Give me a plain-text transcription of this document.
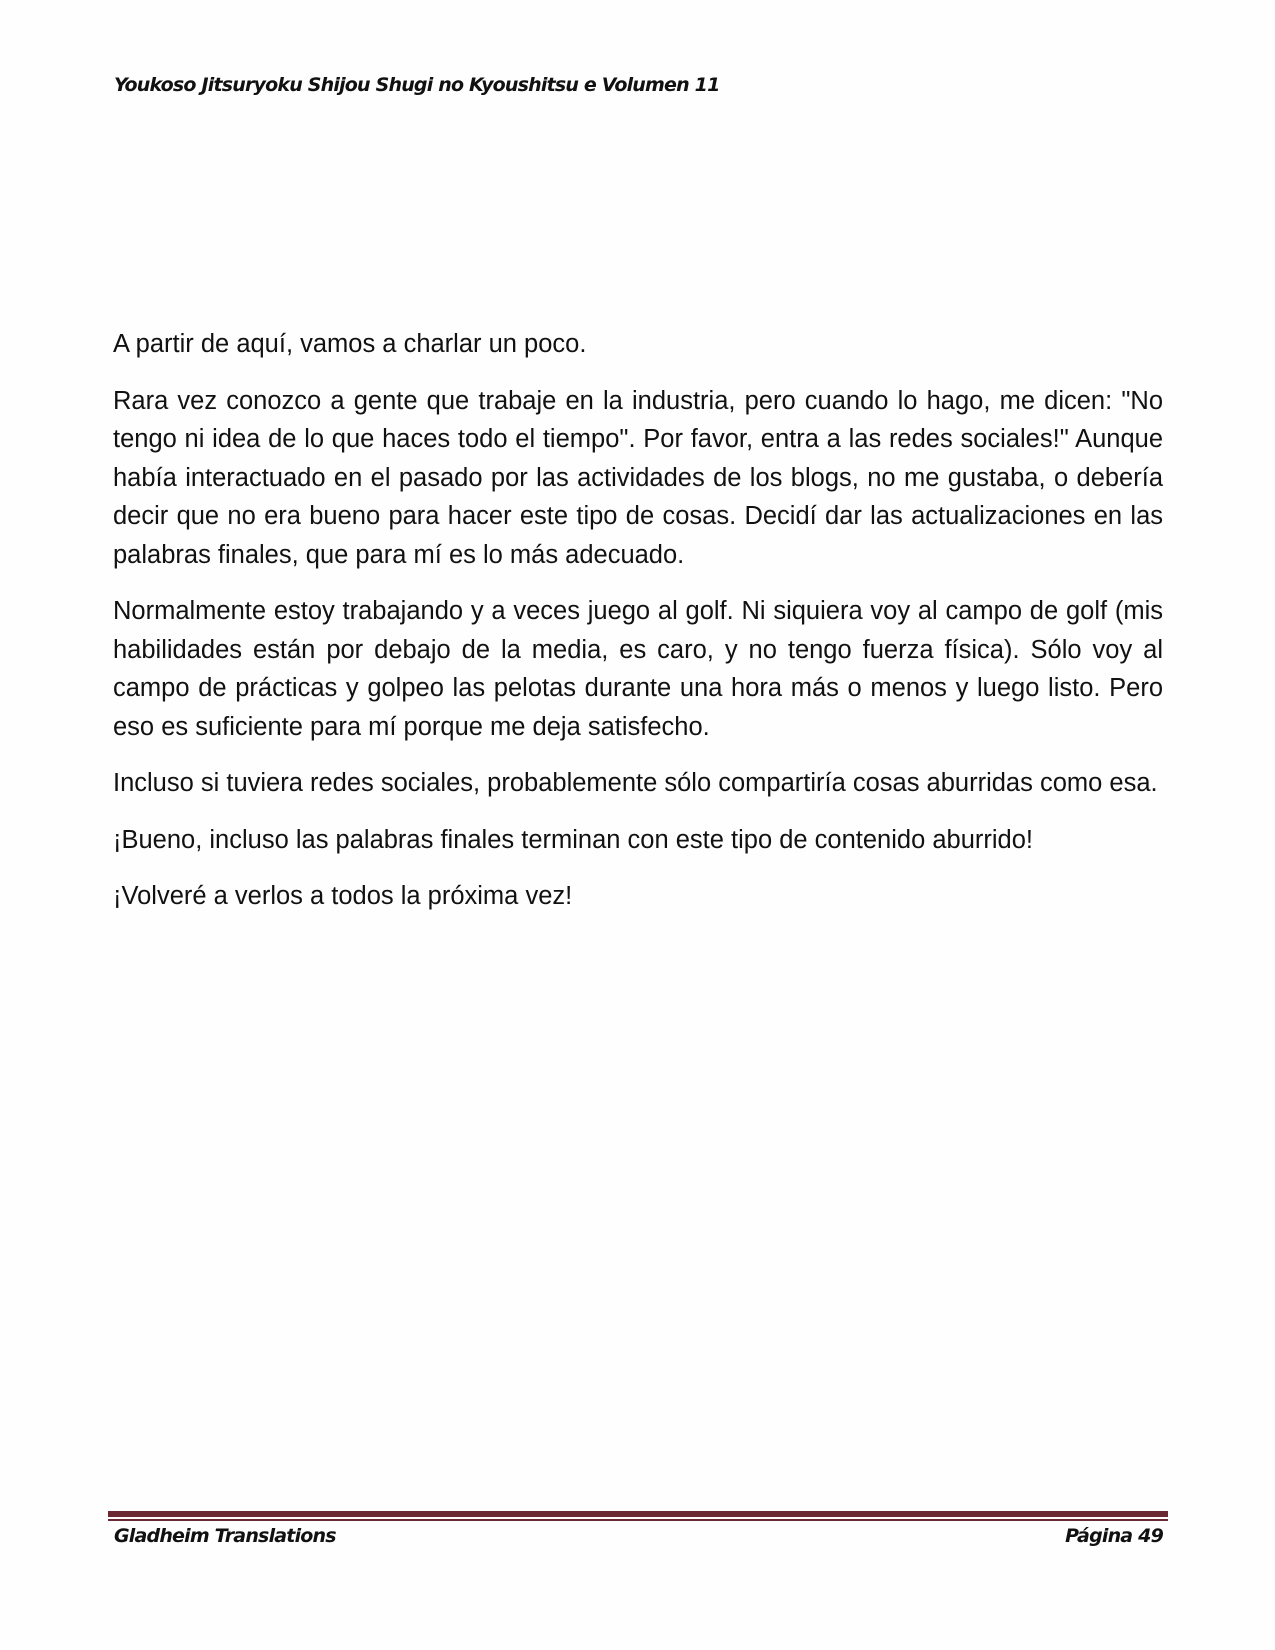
Youkoso Jitsuryoku Shijou Shugi no Kyoushitsu e Volumen 11

A partir de aquí, vamos a charlar un poco.

Rara vez conozco a gente que trabaje en la industria, pero cuando lo hago, me dicen: "No tengo ni idea de lo que haces todo el tiempo". Por favor, entra a las redes sociales!" Aunque había interactuado en el pasado por las actividades de los blogs, no me gustaba, o debería decir que no era bueno para hacer este tipo de cosas. Decidí dar las actualizaciones en las palabras finales, que para mí es lo más adecuado.

Normalmente estoy trabajando y a veces juego al golf. Ni siquiera voy al campo de golf (mis habilidades están por debajo de la media, es caro, y no tengo fuerza física). Sólo voy al campo de prácticas y golpeo las pelotas durante una hora más o menos y luego listo. Pero eso es suficiente para mí porque me deja satisfecho.

Incluso si tuviera redes sociales, probablemente sólo compartiría cosas aburridas como esa.

¡Bueno, incluso las palabras finales terminan con este tipo de contenido aburrido!

¡Volveré a verlos a todos la próxima vez!

Gladheim Translations	Página 49
